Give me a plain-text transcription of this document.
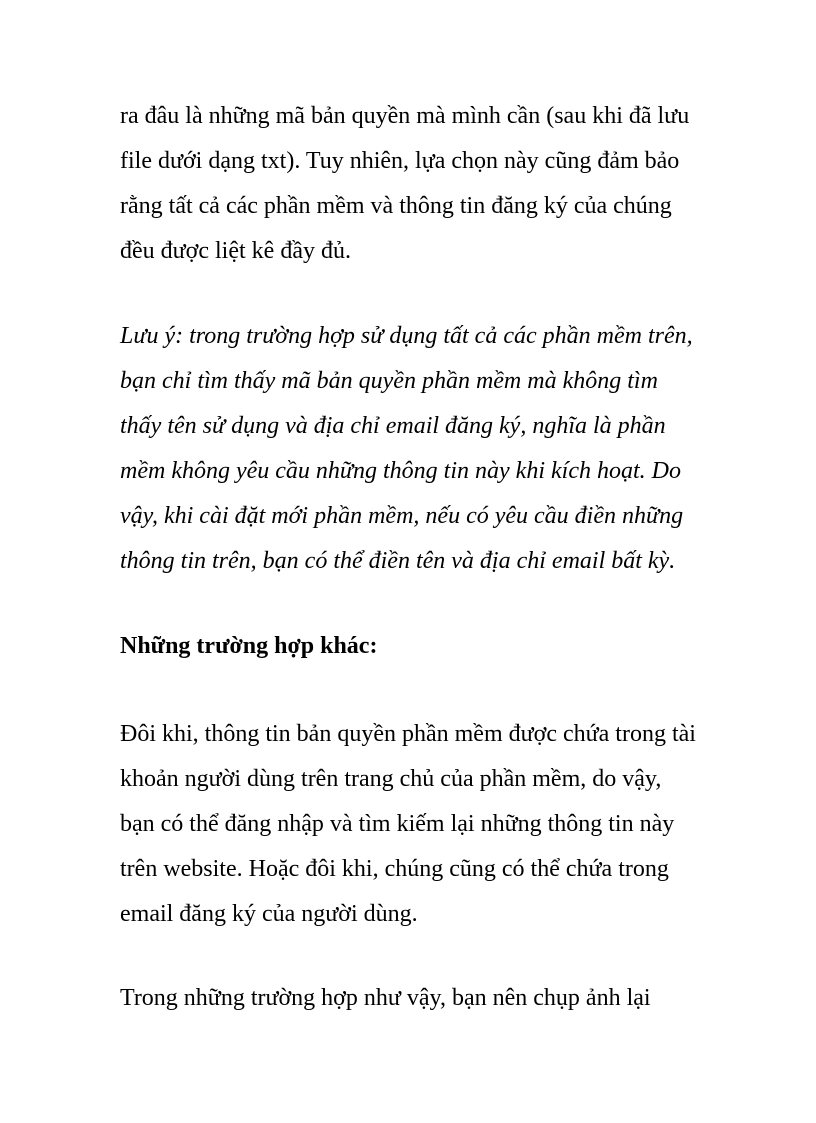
ra đâu là những mã bản quyền mà mình cần (sau khi đã lưu
file dưới dạng txt). Tuy nhiên, lựa chọn này cũng đảm bảo
rằng tất cả các phần mềm và thông tin đăng ký của chúng
đều được liệt kê đầy đủ.

Lưu ý: trong trường hợp sử dụng tất cả các phần mềm trên,
bạn chỉ tìm thấy mã bản quyền phần mềm mà không tìm
thấy tên sử dụng và địa chỉ email đăng ký, nghĩa là phần
mềm không yêu cầu những thông tin này khi kích hoạt. Do
vậy, khi cài đặt mới phần mềm, nếu có yêu cầu điền những
thông tin trên, bạn có thể điền tên và địa chỉ email bất kỳ.

Những trường hợp khác:

Đôi khi, thông tin bản quyền phần mềm được chứa trong tài
khoản người dùng trên trang chủ của phần mềm, do vậy,
bạn có thể đăng nhập và tìm kiếm lại những thông tin này
trên website. Hoặc đôi khi, chúng cũng có thể chứa trong
email đăng ký của người dùng.

Trong những trường hợp như vậy, bạn nên chụp ảnh lại
